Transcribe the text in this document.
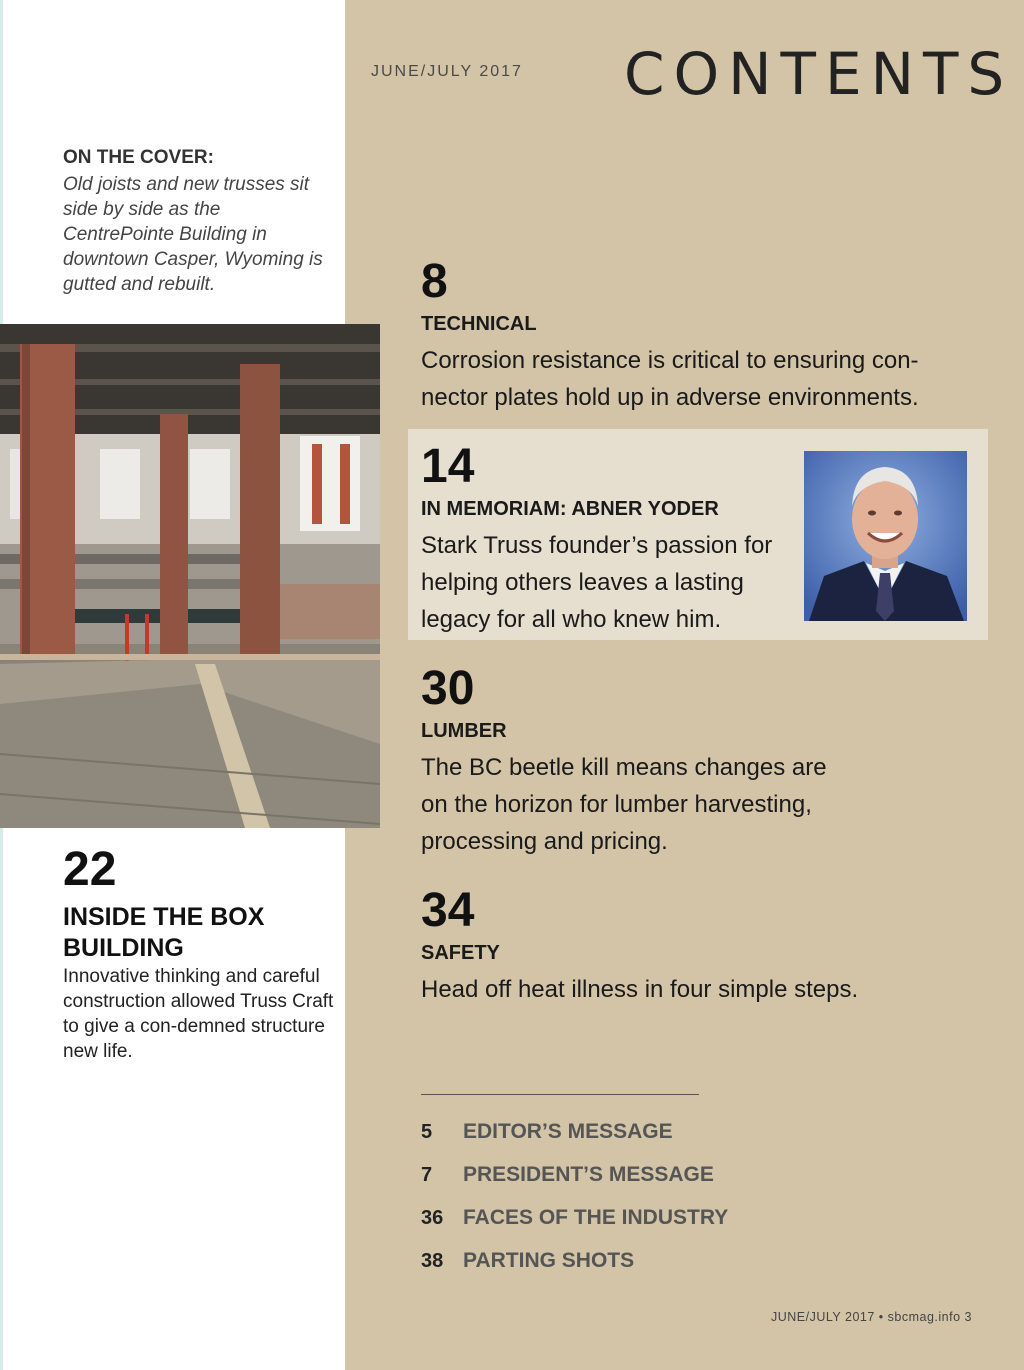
JUNE/JULY 2017 CONTENTS
ON THE COVER:
Old joists and new trusses sit side by side as the CentrePointe Building in downtown Casper, Wyoming is gutted and rebuilt.
22
INSIDE THE BOX BUILDING
Innovative thinking and careful construction allowed Truss Craft to give a con-demned structure new life.
8
TECHNICAL
Corrosion resistance is critical to ensuring con-
nector plates hold up in adverse environments.
14
IN MEMORIAM: ABNER YODER
Stark Truss founder’s passion for
helping others leaves a lasting
legacy for all who knew him.
30
LUMBER
The BC beetle kill means changes are
on the horizon for lumber harvesting,
processing and pricing.
34
SAFETY
Head off heat illness in four simple steps.
5 EDITOR’S MESSAGE
7 PRESIDENT’S MESSAGE
36 FACES OF THE INDUSTRY
38 PARTING SHOTS
JUNE/JULY 2017 • sbcmag.info 3
